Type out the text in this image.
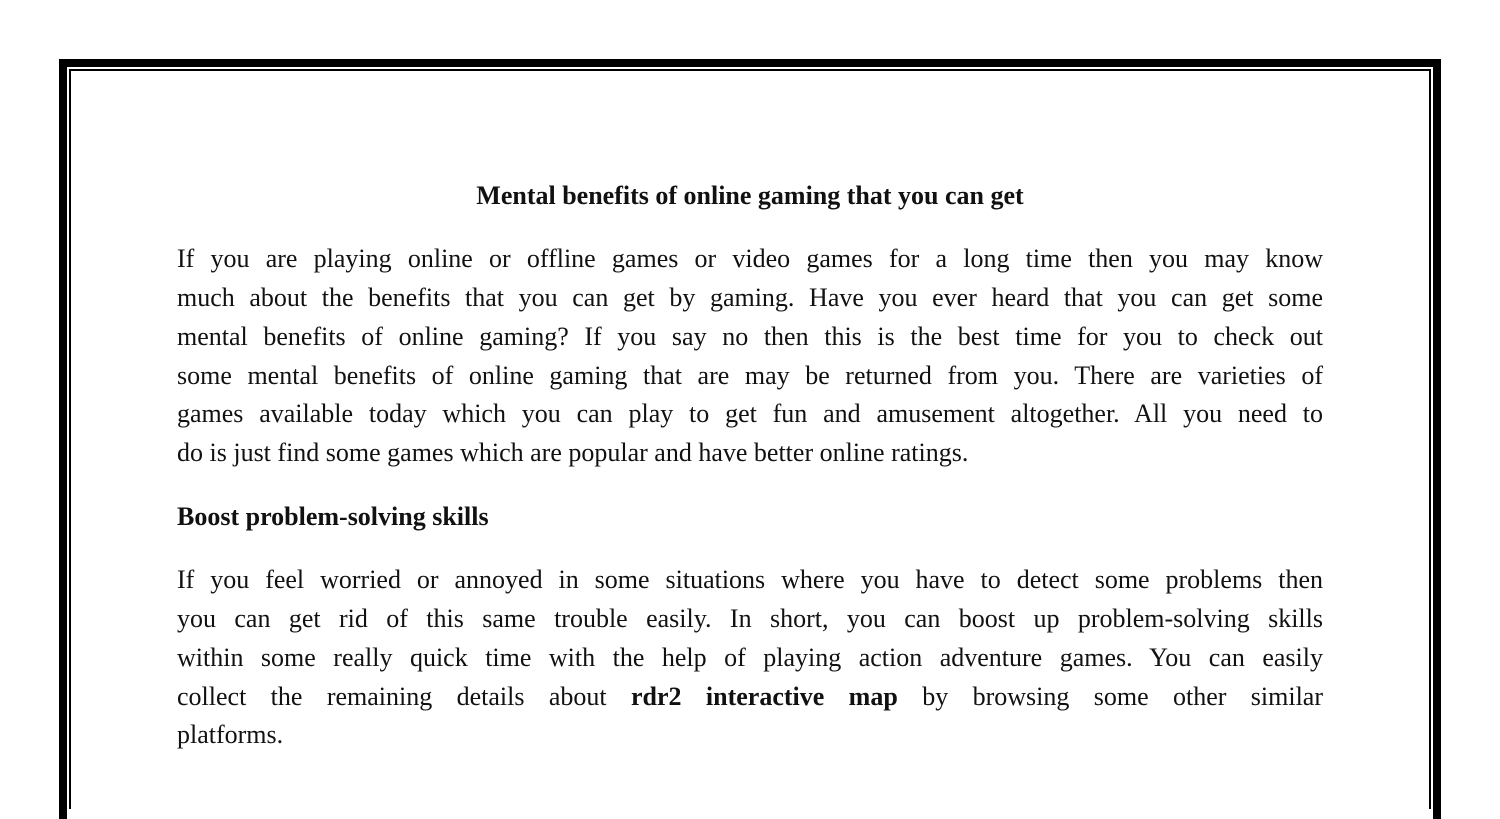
Mental benefits of online gaming that you can get
If you are playing online or offline games or video games for a long time then you may know
much about the benefits that you can get by gaming. Have you ever heard that you can get some
mental benefits of online gaming? If you say no then this is the best time for you to check out
some mental benefits of online gaming that are may be returned from you. There are varieties of
games available today which you can play to get fun and amusement altogether. All you need to
do is just find some games which are popular and have better online ratings.
Boost problem-solving skills
If you feel worried or annoyed in some situations where you have to detect some problems then
you can get rid of this same trouble easily. In short, you can boost up problem-solving skills
within some really quick time with the help of playing action adventure games. You can easily
collect the remaining details about rdr2 interactive map by browsing some other similar
platforms.
